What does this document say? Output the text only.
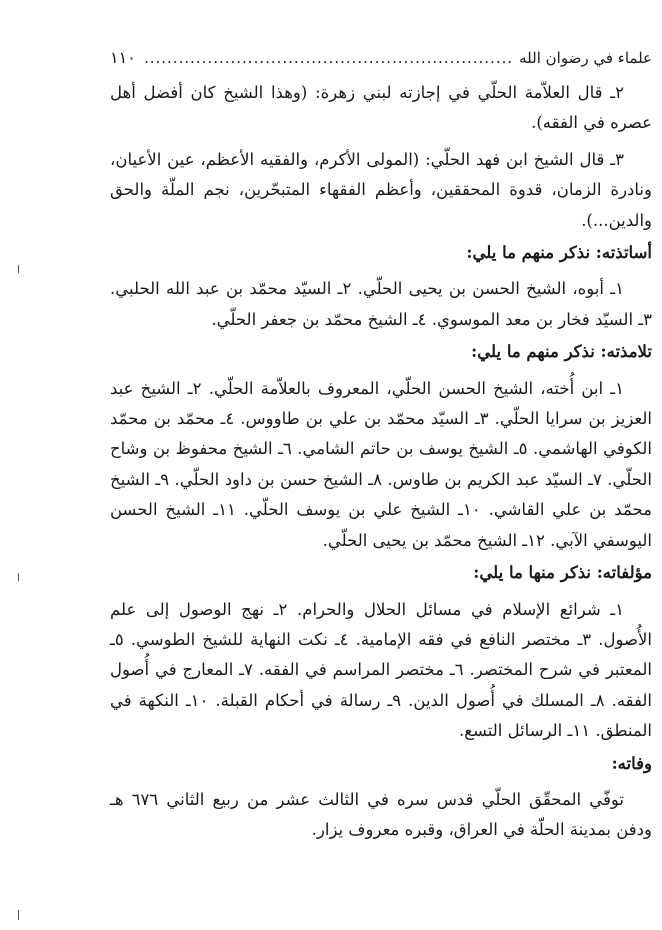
علماء في رضوان الله
.....
١١٠

٢ـ قال العلاّمة الحلّي في إجازته لبني زهرة: (وهذا الشيخ كان أفضل أهل عصره في الفقه).

٣ـ قال الشيخ ابن فهد الحلّي: (المولى الأكرم، والفقيه الأعظم، عين الأعيان، ونادرة الزمان، قدوة المحققين، وأعظم الفقهاء المتبحّرين، نجم الملّة والحق والدين...).

أساتذته: نذكر منهم ما يلي:

١ـ أبوه، الشيخ الحسن بن يحيى الحلّي. ٢ـ السيّد محمّد بن عبد الله الحلبي. ٣ـ السيّد فخار بن معد الموسوي. ٤ـ الشيخ محمّد بن جعفر الحلّي.

تلامذته: نذكر منهم ما يلي:

١ـ ابن أُخته، الشيخ الحسن الحلّي، المعروف بالعلاّمة الحلّي. ٢ـ الشيخ عبد العزيز بن سرايا الحلّي. ٣ـ السيّد محمّد بن علي بن طاووس. ٤ـ محمّد بن محمّد الكوفي الهاشمي. ٥ـ الشيخ يوسف بن حاتم الشامي. ٦ـ الشيخ محفوظ بن وشاح الحلّي. ٧ـ السيّد عبد الكريم بن طاوس. ٨ـ الشيخ حسن بن داود الحلّي. ٩ـ الشيخ محمّد بن علي القاشي. ١٠ـ الشيخ علي بن يوسف الحلّي. ١١ـ الشيخ الحسن اليوسفي الآبي. ١٢ـ الشيخ محمّد بن يحيى الحلّي.

مؤلفاته: نذكر منها ما يلي:

١ـ شرائع الإسلام في مسائل الحلال والحرام. ٢ـ نهج الوصول إلى علم الأُصول. ٣ـ مختصر النافع في فقه الإمامية. ٤ـ نكت النهاية للشيخ الطوسي. ٥ـ المعتبر في شرح المختصر. ٦ـ مختصر المراسم في الفقه. ٧ـ المعارج في أُصول الفقه. ٨ـ المسلك في أُصول الدين. ٩ـ رسالة في أحكام القبلة. ١٠ـ النكهة في المنطق. ١١ـ الرسائل التسع.

وفاته:

توفّي المحقّق الحلّي قدس سره في الثالث عشر من ربيع الثاني ٦٧٦ هـ ودفن بمدينة الحلّة في العراق، وقبره معروف يزار.
